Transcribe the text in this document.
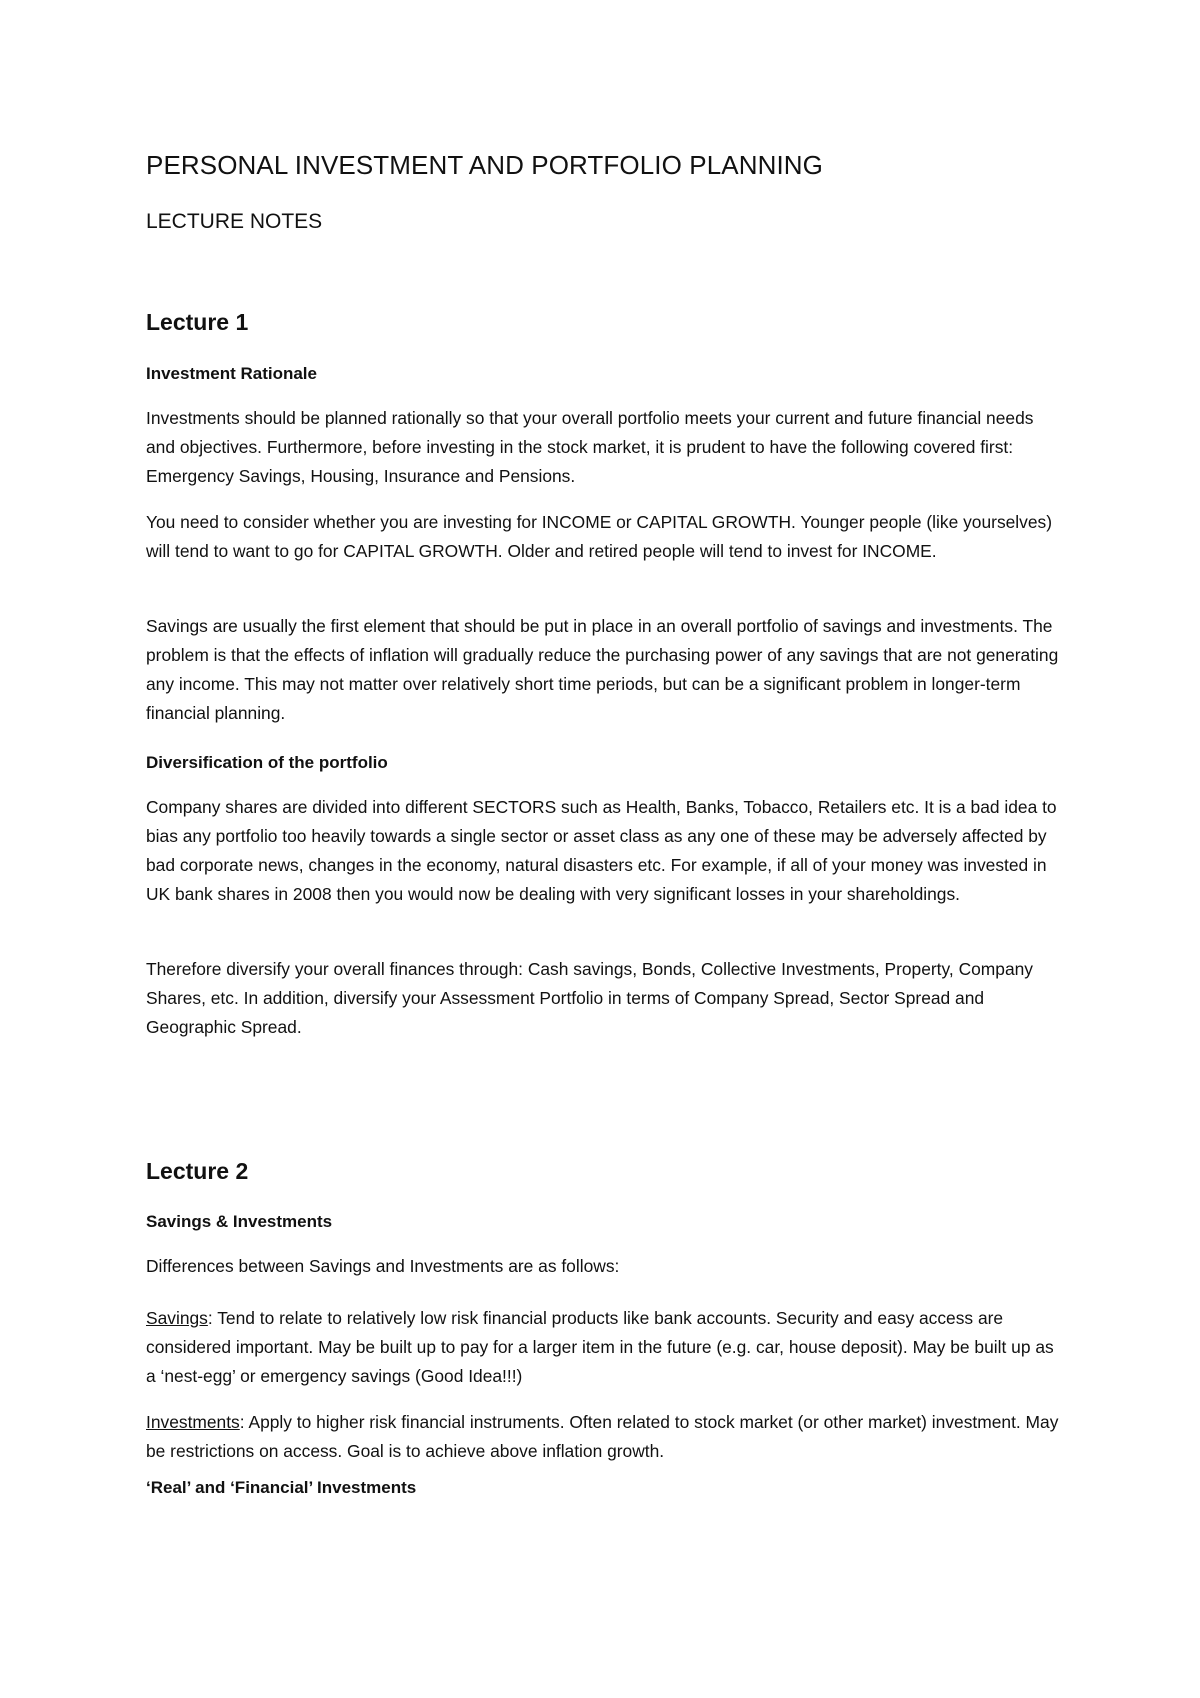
PERSONAL INVESTMENT AND PORTFOLIO PLANNING
LECTURE NOTES
Lecture 1
Investment Rationale

Investments should be planned rationally so that your overall portfolio meets your current and future financial needs and objectives. Furthermore, before investing in the stock market, it is prudent to have the following covered first: Emergency Savings, Housing, Insurance and Pensions.

You need to consider whether you are investing for INCOME or CAPITAL GROWTH. Younger people (like yourselves) will tend to want to go for CAPITAL GROWTH. Older and retired people will tend to invest for INCOME.

Savings are usually the first element that should be put in place in an overall portfolio of savings and investments. The problem is that the effects of inflation will gradually reduce the purchasing power of any savings that are not generating any income. This may not matter over relatively short time periods, but can be a significant problem in longer-term financial planning.

Diversification of the portfolio

Company shares are divided into different SECTORS such as Health, Banks, Tobacco, Retailers etc. It is a bad idea to bias any portfolio too heavily towards a single sector or asset class as any one of these may be adversely affected by bad corporate news, changes in the economy, natural disasters etc. For example, if all of your money was invested in UK bank shares in 2008 then you would now be dealing with very significant losses in your shareholdings.

Therefore diversify your overall finances through: Cash savings, Bonds, Collective Investments, Property, Company Shares, etc. In addition, diversify your Assessment Portfolio in terms of Company Spread, Sector Spread and Geographic Spread.

Lecture 2
Savings & Investments

Differences between Savings and Investments are as follows:

Savings: Tend to relate to relatively low risk financial products like bank accounts. Security and easy access are considered important. May be built up to pay for a larger item in the future (e.g. car, house deposit). May be built up as a ‘nest-egg’ or emergency savings (Good Idea!!!)

Investments: Apply to higher risk financial instruments. Often related to stock market (or other market) investment. May be restrictions on access. Goal is to achieve above inflation growth.

‘Real’ and ‘Financial’ Investments
